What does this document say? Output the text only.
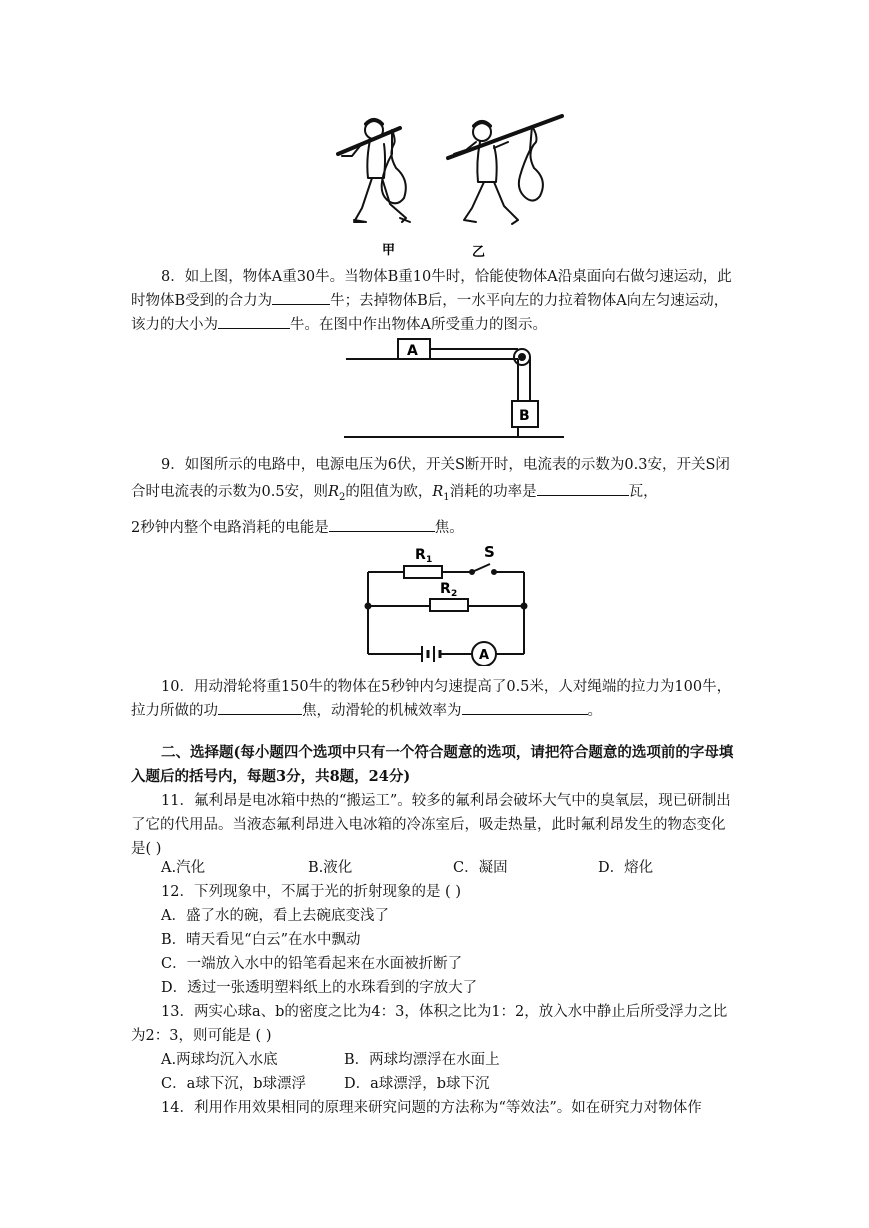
甲	乙

8．如上图，物体A重30牛。当物体B重10牛时，恰能使物体A沿桌面向右做匀速运动，此时物体B受到的合力为	牛；去掉物体B后，一水平向左的力拉着物体A向左匀速运动，该力的大小为	牛。在图中作出物体A所受重力的图示。

A
B

9．如图所示的电路中，电源电压为6伏，开关S断开时，电流表的示数为0.3安，开关S闭合时电流表的示数为0.5安，则$R_2$的阻值为欧，$R_1$消耗的功率是	瓦，

2秒钟内整个电路消耗的电能是	焦。

R 1	S
R 2
A

10．用动滑轮将重150牛的物体在5秒钟内匀速提高了0.5米，人对绳端的拉力为100牛，拉力所做的功	焦，动滑轮的机械效率为	。

二、选择题(每小题四个选项中只有一个符合题意的选项，请把符合题意的选项前的字母填入题后的括号内，每题3分，共8题，24分)

11．氟利昂是电冰箱中热的“搬运工”。较多的氟利昂会破坏大气中的臭氧层，现已研制出了它的代用品。当液态氟利昂进入电冰箱的冷冻室后，吸走热量，此时氟利昂发生的物态变化是( )

A.汽化	B.液化	C．凝固	D．熔化

12．下列现象中，不属于光的折射现象的是 ( )

A．盛了水的碗，看上去碗底变浅了
B．晴天看见“白云”在水中飘动
C．一端放入水中的铅笔看起来在水面被折断了
D．透过一张透明塑料纸上的水珠看到的字放大了

13．两实心球a、b的密度之比为4：3，体积之比为1：2，放入水中静止后所受浮力之比为2：3，则可能是 ( )

A.两球均沉入水底	B．两球均漂浮在水面上
C．a球下沉，b球漂浮	D．a球漂浮，b球下沉

14．利用作用效果相同的原理来研究问题的方法称为“等效法”。如在研究力对物体作
